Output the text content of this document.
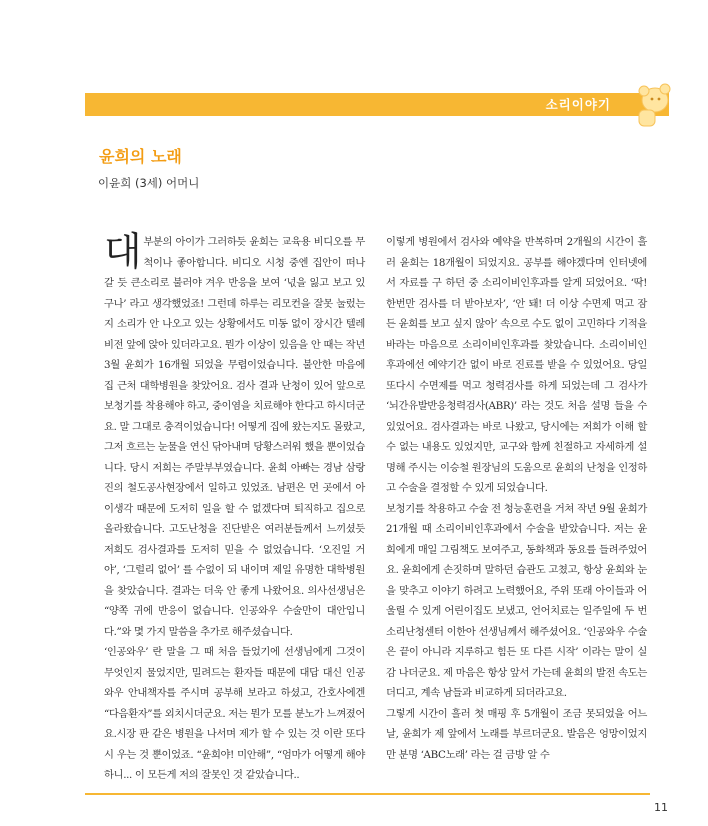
소리이야기
윤희의 노래
이윤희 (3세) 어머니

대부분의 아이가 그러하듯 윤희는 교육용 비디오를 무척이나 좋아합니다. 비디오 시청 중엔 집안이 떠나갈 듯 큰소리로 불러야 겨우 반응을 보여 ‘넋을 잃고 보고 있구나’ 라고 생각했었죠! 그런데 하루는 리모컨을 잘못 눌렀는지 소리가 안 나오고 있는 상황에서도 미동 없이 장시간 텔레비전 앞에 앉아 있더라고요. 뭔가 이상이 있음을 안 때는 작년 3월 윤희가 16개월 되었을 무렵이었습니다. 불안한 마음에 집 근처 대학병원을 찾았어요. 검사 결과 난청이 있어 앞으로 보청기를 착용해야 하고, 중이염을 치료해야 한다고 하시더군요. 말 그대로 충격이었습니다! 어떻게 집에 왔는지도 몰랐고, 그저 흐르는 눈물을 연신 닦아내며 당황스러워 했을 뿐이었습니다. 당시 저희는 주말부부였습니다. 윤희 아빠는 경남 삼랑진의 철도공사현장에서 일하고 있었죠. 남편은 먼 곳에서 아이생각 때문에 도저히 일을 할 수 없겠다며 퇴직하고 집으로 올라왔습니다. 고도난청을 진단받은 여러분들께서 느끼셨듯 저희도 검사결과를 도저히 믿을 수 없었습니다. ‘오진일 거야’, ‘그럴리 없어’ 를 수없이 되 내이며 제일 유명한 대학병원을 찾았습니다. 결과는 더욱 안 좋게 나왔어요. 의사선생님은 “양쪽 귀에 반응이 없습니다. 인공와우 수술만이 대안입니다.”와 몇 가지 말씀을 추가로 해주셨습니다.

‘인공와우’ 란 말을 그 때 처음 들었기에 선생님에게 그것이 무엇인지 물었지만, 밀려드는 환자들 때문에 대답 대신 인공와우 안내책자를 주시며 공부해 보라고 하셨고, 간호사에겐 “다음환자”를 외치시더군요. 저는 뭔가 모를 분노가 느껴졌어요.시장 판 같은 병원을 나서며 제가 할 수 있는 것 이란 또다시 우는 것 뿐이었죠. “윤희야! 미안해”, “엄마가 어떻게 해야 하니... 이 모든게 저의 잘못인 것 같았습니다..

이렇게 병원에서 검사와 예약을 반복하며 2개월의 시간이 흘러 윤희는 18개월이 되었지요. 공부를 해야겠다며 인터넷에서 자료를 구 하던 중 소리이비인후과를 알게 되었어요. ‘딱! 한번만 검사를 더 받아보자’, ‘안 돼! 더 이상 수면제 먹고 잠든 윤희를 보고 싶지 않아’ 속으로 수도 없이 고민하다 기적을 바라는 마음으로 소리이비인후과를 찾았습니다. 소리이비인후과에선 예약기간 없이 바로 진료를 받을 수 있었어요. 당일 또다시 수면제를 먹고 청력검사를 하게 되었는데 그 검사가 ‘뇌간유발반응청력검사(ABR)’ 라는 것도 처음 설명 들을 수 있었어요. 검사결과는 바로 나왔고, 당시에는 저희가 이해 할 수 없는 내용도 있었지만, 교구와 함께 친절하고 자세하게 설명해 주시는 이승철 원장님의 도움으로 윤희의 난청을 인정하고 수술을 결정할 수 있게 되었습니다.

보청기를 착용하고 수술 전 청능훈련을 거쳐 작년 9월 윤희가 21개월 때 소리이비인후과에서 수술을 받았습니다. 저는 윤희에게 매일 그림책도 보여주고, 동화책과 동요를 들려주었어요. 윤희에게 손짓하며 말하던 습관도 고쳤고, 항상 윤희와 눈을 맞추고 이야기 하려고 노력했어요, 주위 또래 아이들과 어울릴 수 있게 어린이집도 보냈고, 언어치료는 일주일에 두 번 소리난청센터 이한아 선생님께서 해주셨어요. ‘인공와우 수술은 끝이 아니라 지루하고 힘든 또 다른 시작’ 이라는 말이 실감 나더군요. 제 마음은 항상 앞서 가는데 윤희의 발전 속도는 더디고, 계속 남들과 비교하게 되더라고요.

그렇게 시간이 흘러 첫 매핑 후 5개월이 조금 못되었을 어느 날, 윤희가 제 앞에서 노래를 부르더군요. 발음은 엉망이었지만 분명 ‘ABC노래’ 라는 걸 금방 알 수

11
